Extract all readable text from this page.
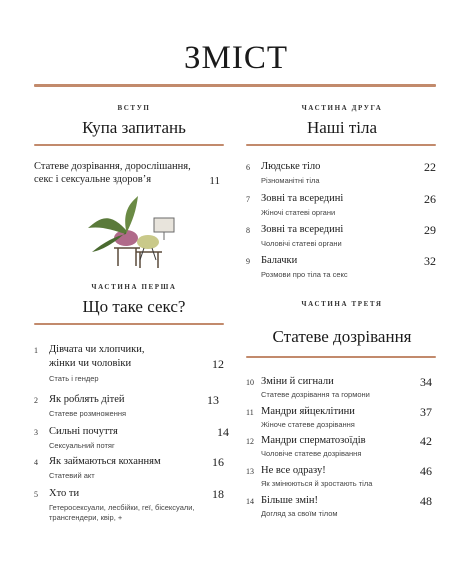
ЗМІСТ
ВСТУП
Купа запитань
Статеве дозрівання, дорослішання, секс і сексуальне здоров’я	11
ЧАСТИНА ПЕРША
Що таке секс?
1 Дівчата чи хлопчики,
жінки чи чоловіки
Стать і гендер
12
2 Як роблять дітей
Статеве розмноження
13
3 Сильні почуття
Сексуальний потяг
14
4 Як займаються коханням
Статевий акт
16
5 Хто ти
Гетеросексуали, лесбійки, геї, бісексуали,
трансгендери, квір, +
18
ЧАСТИНА ДРУГА
Наші тіла
6 Людське тіло
Різноманітні тіла
22
7 Зовні та всередині
Жіночі статеві органи
26
8 Зовні та всередині
Чоловічі статеві органи
29
9 Балачки
Розмови про тіла та секс
32
ЧАСТИНА ТРЕТЯ
Статеве дозрівання
10 Зміни й сигнали
Статеве дозрівання та гормони
34
11 Мандри яйцеклітини
Жіноче статеве дозрівання
37
12 Мандри сперматозоїдів
Чоловіче статеве дозрівання
42
13 Не все одразу!
Як змінюються й зростають тіла
46
14 Більше змін!
Догляд за своїм тілом
48
